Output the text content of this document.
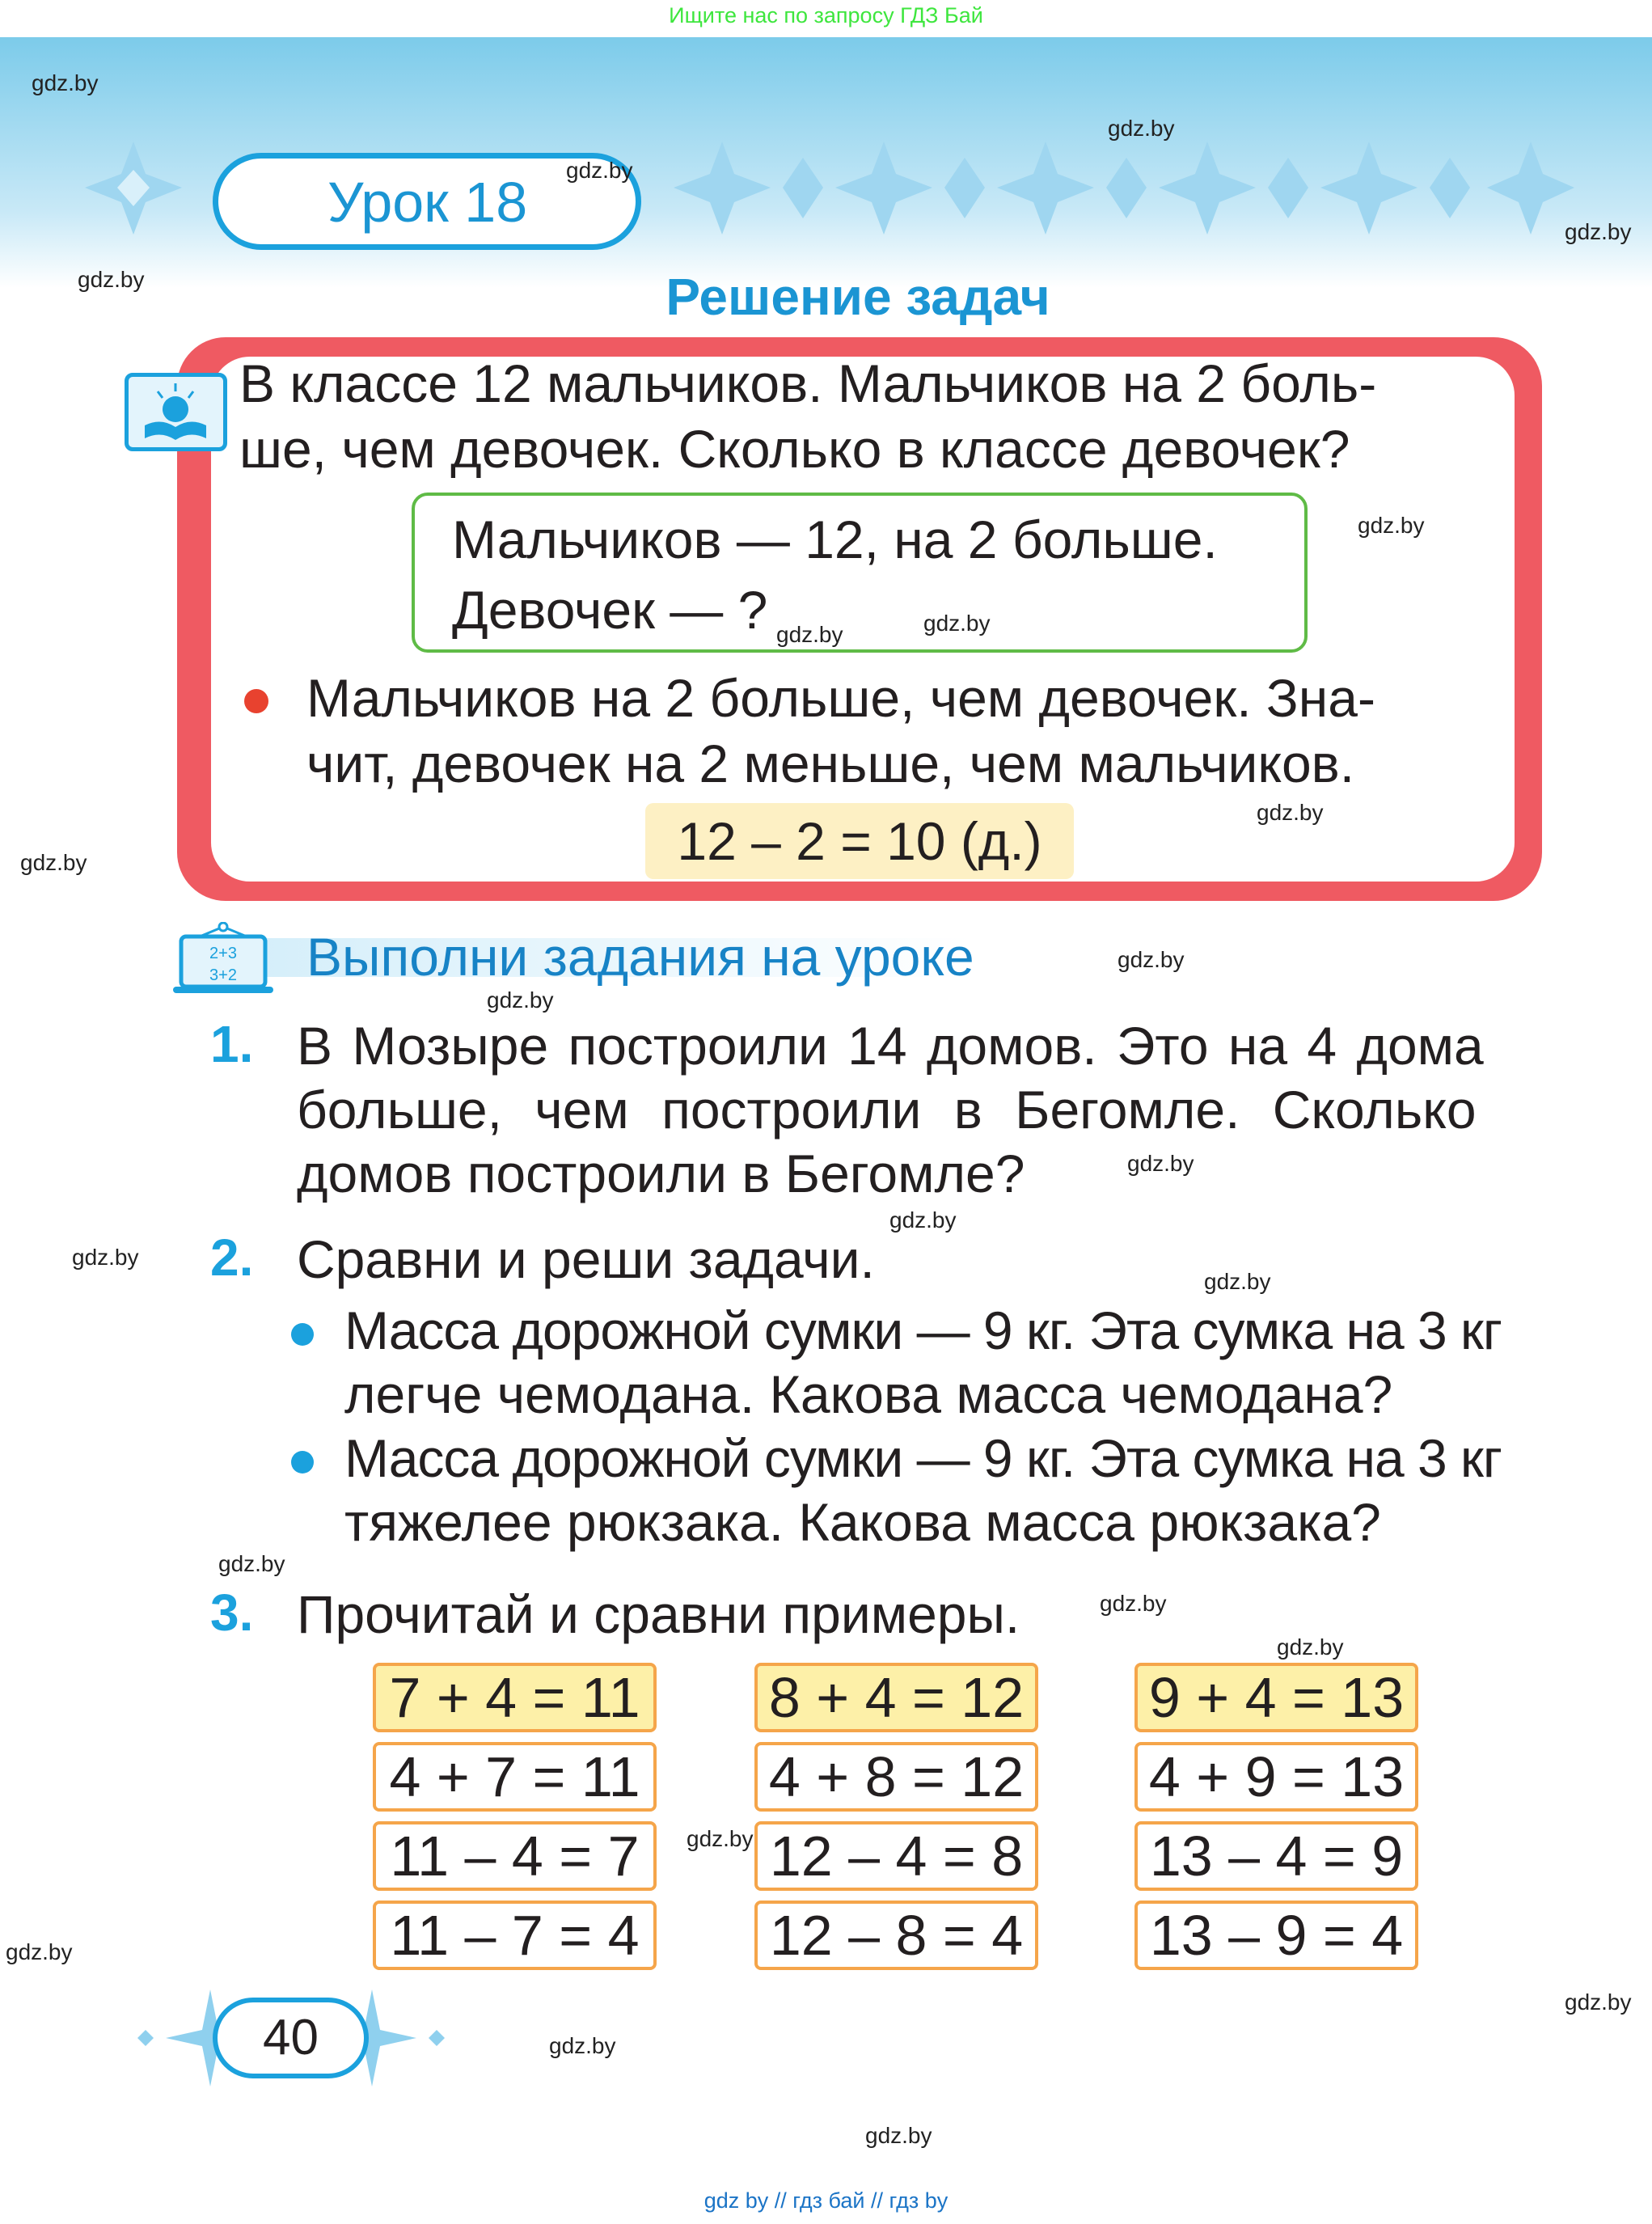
Ищите нас по запросу ГДЗ Бай
Урок 18
Решение задач
В классе 12 мальчиков. Мальчиков на 2 боль-
ше, чем девочек. Сколько в классе девочек?
Мальчиков — 12, на 2 больше.
Девочек — ?
Мальчиков на 2 больше, чем девочек. Зна-
чит, девочек на 2 меньше, чем мальчиков.
12 – 2 = 10 (д.)
2+3
3+2 Выполни задания на уроке
1. В Мозыре построили 14 домов. Это на 4 дома
больше, чем построили в Бегомле. Сколько
домов построили в Бегомле?
2. Сравни и реши задачи.
Масса дорожной сумки — 9 кг. Эта сумка на 3 кг
легче чемодана. Какова масса чемодана?
Масса дорожной сумки — 9 кг. Эта сумка на 3 кг
тяжелее рюкзака. Какова масса рюкзака?
3. Прочитай и сравни примеры.
7 + 4 = 11
4 + 7 = 11
11 – 4 = 7
11 – 7 = 4
8 + 4 = 12
4 + 8 = 12
12 – 4 = 8
12 – 8 = 4
9 + 4 = 13
4 + 9 = 13
13 – 4 = 9
13 – 9 = 4
40
gdz by // гдз бай // гдз by
gdz.by
gdz.by
gdz.by
gdz.by
gdz.by
gdz.by
gdz.by	gdz.by
gdz.by
gdz.by
gdz.by
gdz.by
gdz.by
gdz.by
gdz.by
gdz.by
gdz.by
gdz.by
gdz.by
gdz.by
gdz.by
gdz.by
gdz.by
gdz.by
